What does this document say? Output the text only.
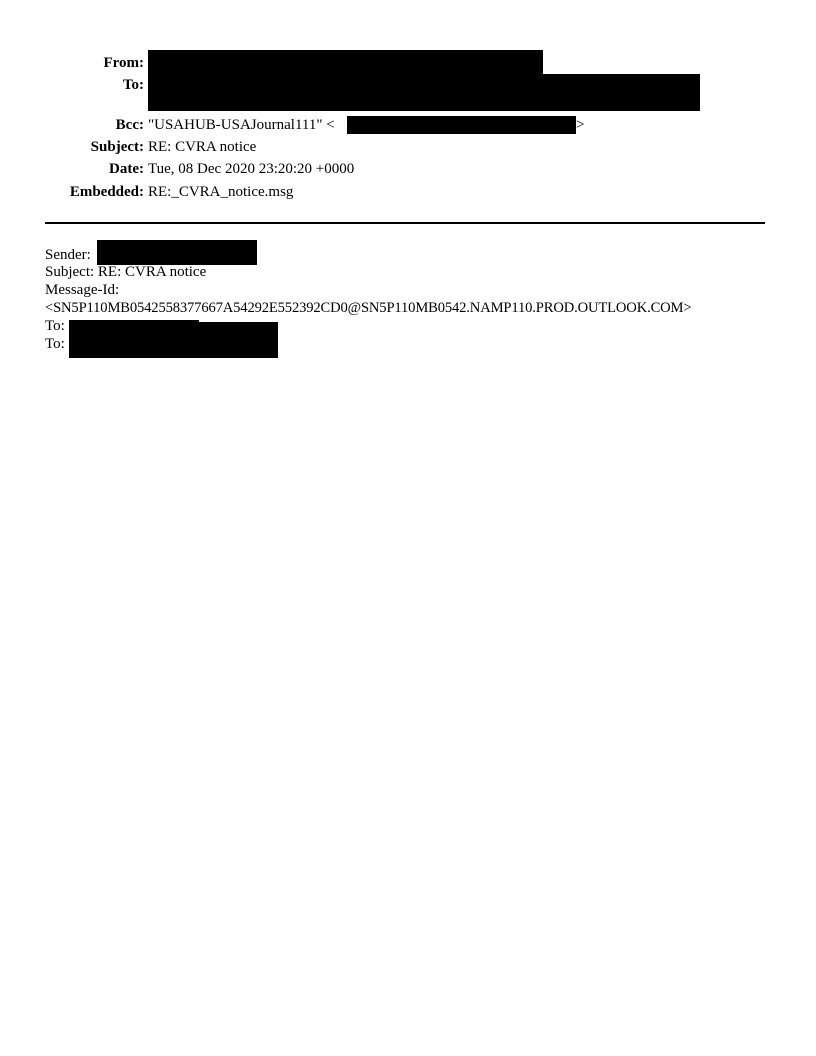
From:
To:
Bcc: "USAHUB-USAJournal111" <	>
Subject: RE: CVRA notice
Date: Tue, 08 Dec 2020 23:20:20 +0000
Embedded: RE:_CVRA_notice.msg
Sender:
Subject: RE: CVRA notice
Message-Id:
<SN5P110MB0542558377667A54292E552392CD0@SN5P110MB0542.NAMP110.PROD.OUTLOOK.COM>
To:
To:
